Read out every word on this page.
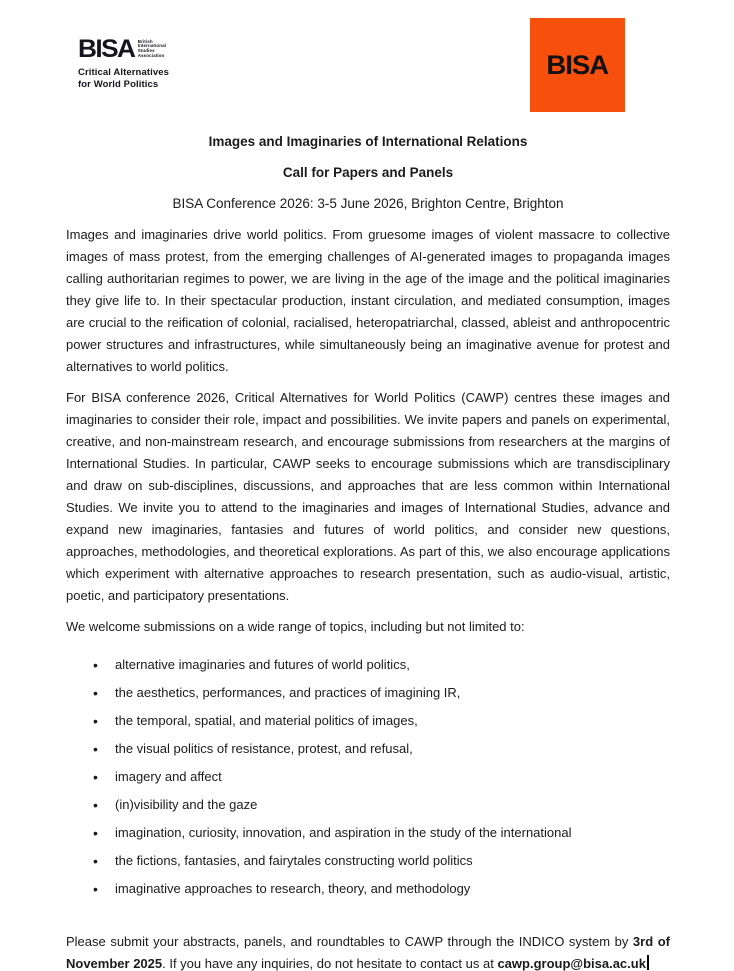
BISA British
International
Studies
Association
Critical Alternatives
for World Politics
BISA
Images and Imaginaries of International Relations
Call for Papers and Panels
BISA Conference 2026: 3-5 June 2026, Brighton Centre, Brighton

Images and imaginaries drive world politics. From gruesome images of violent massacre to collective images of mass protest, from the emerging challenges of AI-generated images to propaganda images calling authoritarian regimes to power, we are living in the age of the image and the political imaginaries they give life to. In their spectacular production, instant circulation, and mediated consumption, images are crucial to the reification of colonial, racialised, heteropatriarchal, classed, ableist and anthropocentric power structures and infrastructures, while simultaneously being an imaginative avenue for protest and alternatives to world politics.

For BISA conference 2026, Critical Alternatives for World Politics (CAWP) centres these images and imaginaries to consider their role, impact and possibilities. We invite papers and panels on experimental, creative, and non-mainstream research, and encourage submissions from researchers at the margins of International Studies. In particular, CAWP seeks to encourage submissions which are transdisciplinary and draw on sub-disciplines, discussions, and approaches that are less common within International Studies. We invite you to attend to the imaginaries and images of International Studies, advance and expand new imaginaries, fantasies and futures of world politics, and consider new questions, approaches, methodologies, and theoretical explorations. As part of this, we also encourage applications which experiment with alternative approaches to research presentation, such as audio-visual, artistic, poetic, and participatory presentations.

We welcome submissions on a wide range of topics, including but not limited to:

• alternative imaginaries and futures of world politics,
• the aesthetics, performances, and practices of imagining IR,
• the temporal, spatial, and material politics of images,
• the visual politics of resistance, protest, and refusal,
• imagery and affect
• (in)visibility and the gaze
• imagination, curiosity, innovation, and aspiration in the study of the international
• the fictions, fantasies, and fairytales constructing world politics
• imaginative approaches to research, theory, and methodology

Please submit your abstracts, panels, and roundtables to CAWP through the INDICO system by 3rd of November 2025. If you have any inquiries, do not hesitate to contact us at cawp.group@bisa.ac.uk
